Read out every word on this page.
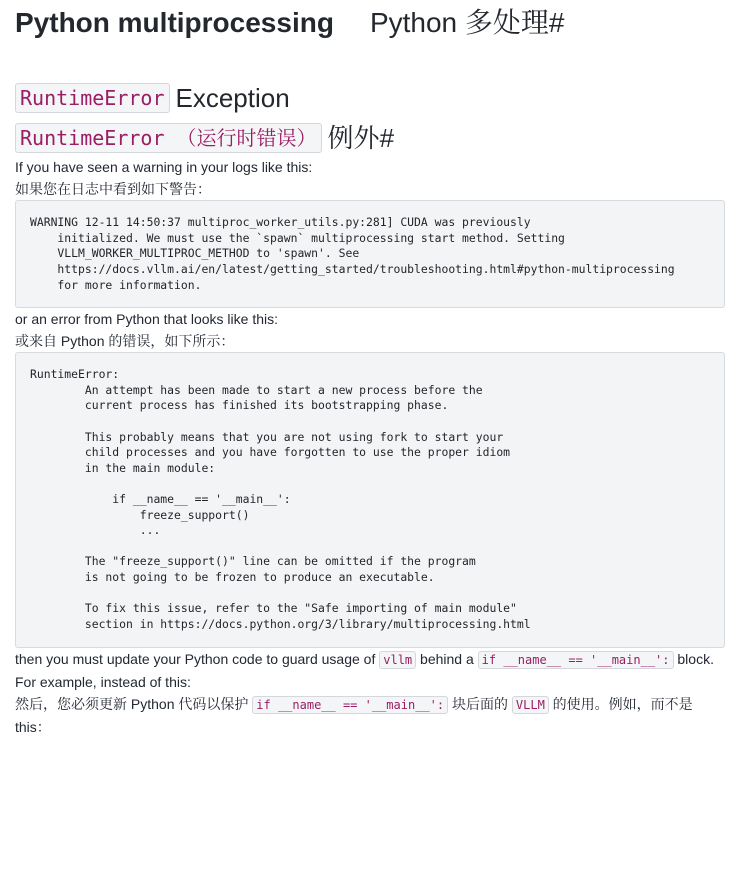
Python multiprocessing Python 多处理#
RuntimeError Exception
RuntimeError （运行时错误） 例外#

If you have seen a warning in your logs like this:

如果您在日志中看到如下警告：

WARNING 12-11 14:50:37 multiproc_worker_utils.py:281] CUDA was previously
initialized. We must use the `spawn` multiprocessing start method. Setting
VLLM_WORKER_MULTIPROC_METHOD to 'spawn'. See
https://docs.vllm.ai/en/latest/getting_started/troubleshooting.html#python-multiprocessing
for more information.

or an error from Python that looks like this:

或来自 Python 的错误，如下所示：

RuntimeError:
An attempt has been made to start a new process before the
current process has finished its bootstrapping phase.

This probably means that you are not using fork to start your
child processes and you have forgotten to use the proper idiom
in the main module:

if __name__ == '__main__':
freeze_support()
...

The "freeze_support()" line can be omitted if the program
is not going to be frozen to produce an executable.

To fix this issue, refer to the "Safe importing of main module"
section in https://docs.python.org/3/library/multiprocessing.html

then you must update your Python code to guard usage of vllm behind a if __name__ == '__main__': block. For example, instead of this:

然后，您必须更新 Python 代码以保护 if __name__ == '__main__': 块后面的 VLLM 的使用。例如，而不是
this：
